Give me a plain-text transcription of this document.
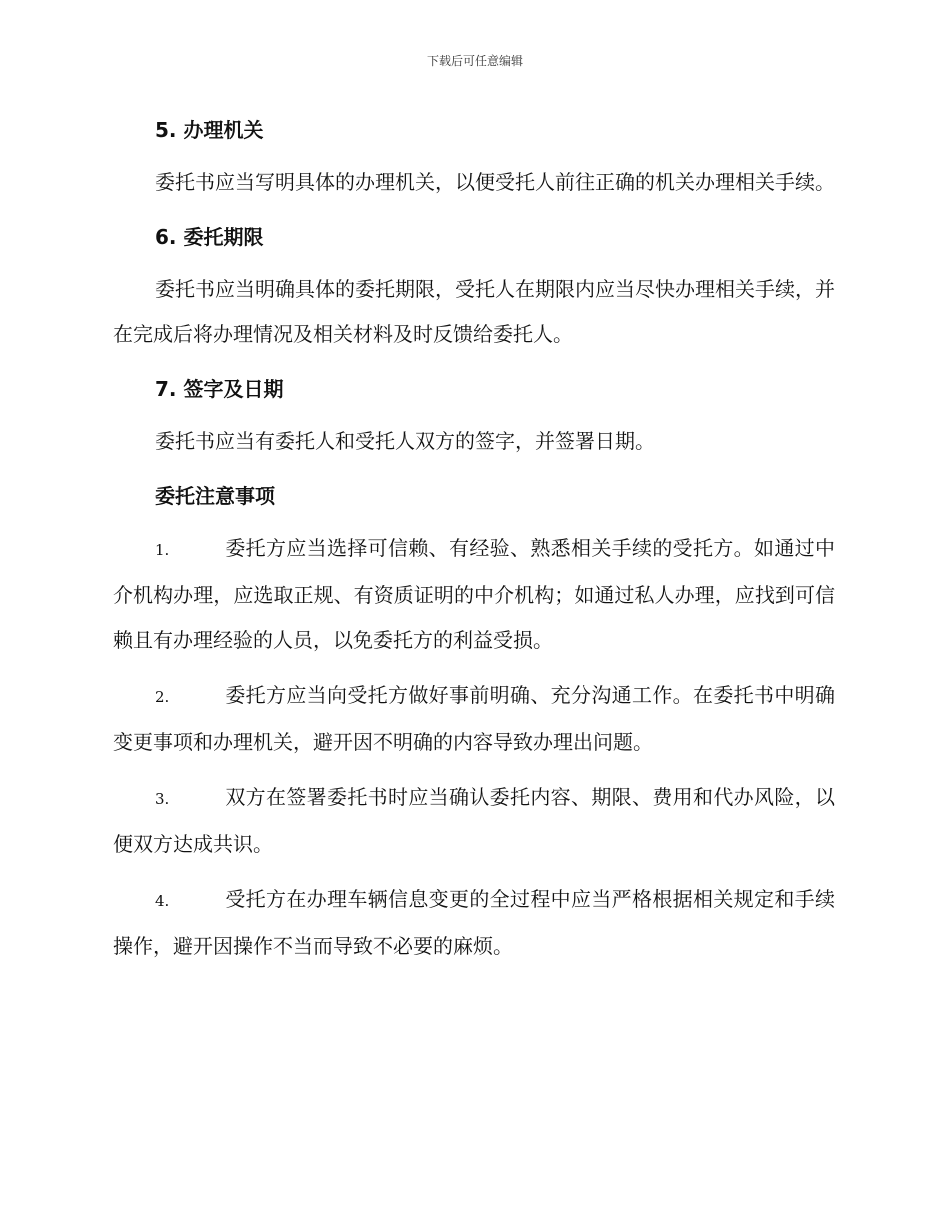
下载后可任意编辑
5. 办理机关

委托书应当写明具体的办理机关，以便受托人前往正确的机关办理相关手续。

6. 委托期限

委托书应当明确具体的委托期限，受托人在期限内应当尽快办理相关手续，并在完成后将办理情况及相关材料及时反馈给委托人。

7. 签字及日期

委托书应当有委托人和受托人双方的签字，并签署日期。

委托注意事项

1.	委托方应当选择可信赖、有经验、熟悉相关手续的受托方。如通过中介机构办理，应选取正规、有资质证明的中介机构；如通过私人办理，应找到可信赖且有办理经验的人员，以免委托方的利益受损。

2.	委托方应当向受托方做好事前明确、充分沟通工作。在委托书中明确变更事项和办理机关，避开因不明确的内容导致办理出问题。

3.	双方在签署委托书时应当确认委托内容、期限、费用和代办风险，以便双方达成共识。

4.	受托方在办理车辆信息变更的全过程中应当严格根据相关规定和手续操作，避开因操作不当而导致不必要的麻烦。
